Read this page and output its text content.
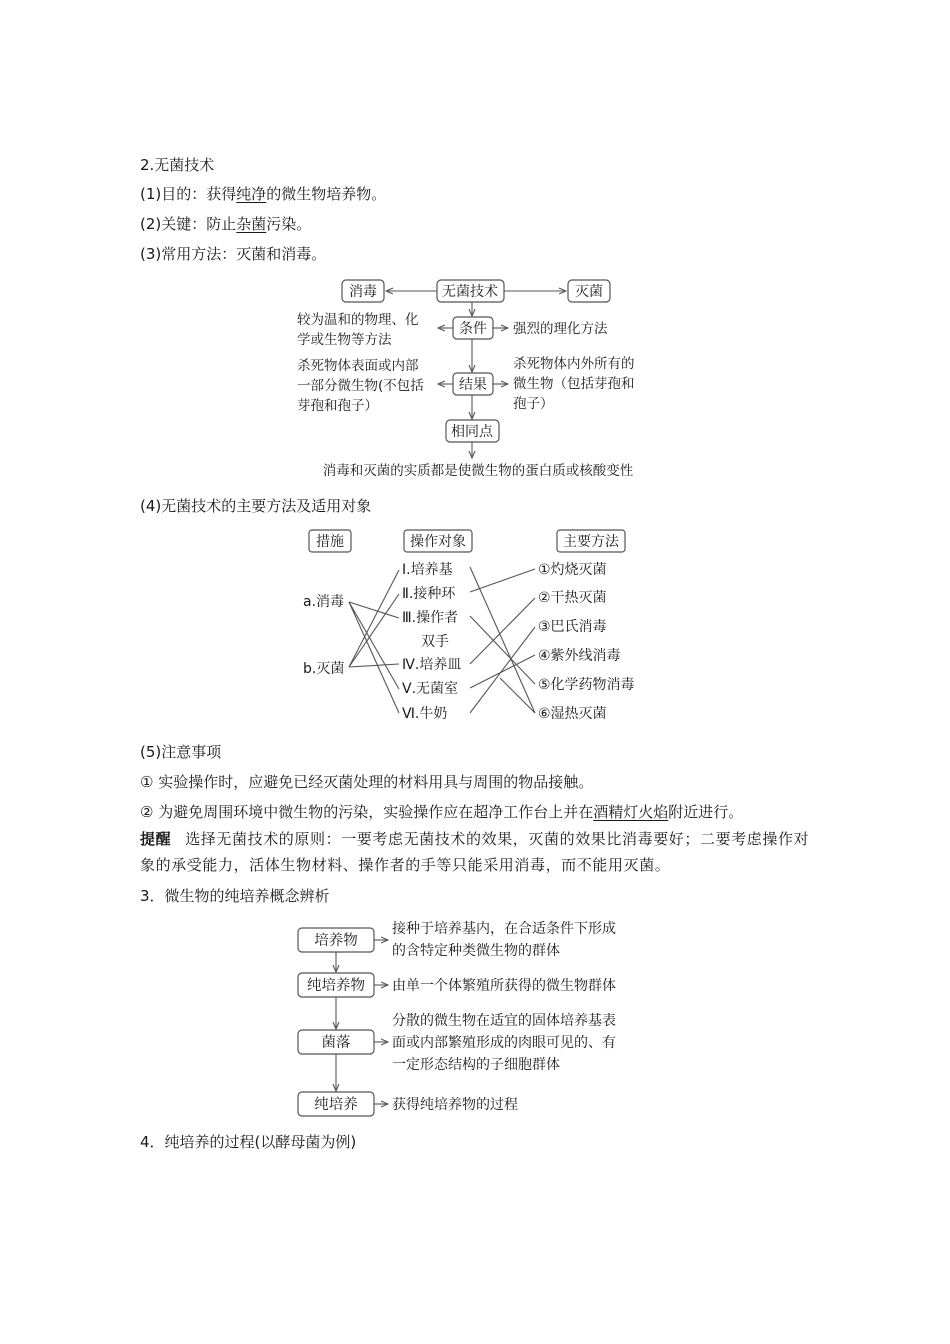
2.无菌技术
(1)目的：获得纯净的微生物培养物。
(2)关键：防止杂菌污染。
(3)常用方法：灭菌和消毒。
消毒	无菌技术	灭菌
条件
较为温和的物理、化
学或生物等方法
强烈的理化方法
结果
杀死物体表面或内部
一部分微生物(不包括
芽孢和孢子）
杀死物体内外所有的
微生物（包括芽孢和
孢子）
相同点
消毒和灭菌的实质都是使微生物的蛋白质或核酸变性
(4)无菌技术的主要方法及适用对象
措施	操作对象	主要方法
a.消毒
b.灭菌
Ⅰ.培养基
Ⅱ.接种环
Ⅲ.操作者
双手
Ⅳ.培养皿
Ⅴ.无菌室
Ⅵ.牛奶
①灼烧灭菌
②干热灭菌
③巴氏消毒
④紫外线消毒
⑤化学药物消毒
⑥湿热灭菌
(5)注意事项
① 实验操作时，应避免已经灭菌处理的材料用具与周围的物品接触。
② 为避免周围环境中微生物的污染，实验操作应在超净工作台上并在酒精灯火焰附近进行。
提醒 选择无菌技术的原则：一要考虑无菌技术的效果，灭菌的效果比消毒要好；二要考虑操作对象的承受能力，活体生物材料、操作者的手等只能采用消毒，而不能用灭菌。
3．微生物的纯培养概念辨析
培养物
纯培养物
菌落
纯培养
接种于培养基内，在合适条件下形成
的含特定种类微生物的群体
由单一个体繁殖所获得的微生物群体
分散的微生物在适宜的固体培养基表
面或内部繁殖形成的肉眼可见的、有
一定形态结构的子细胞群体
获得纯培养物的过程
4．纯培养的过程(以酵母菌为例)
